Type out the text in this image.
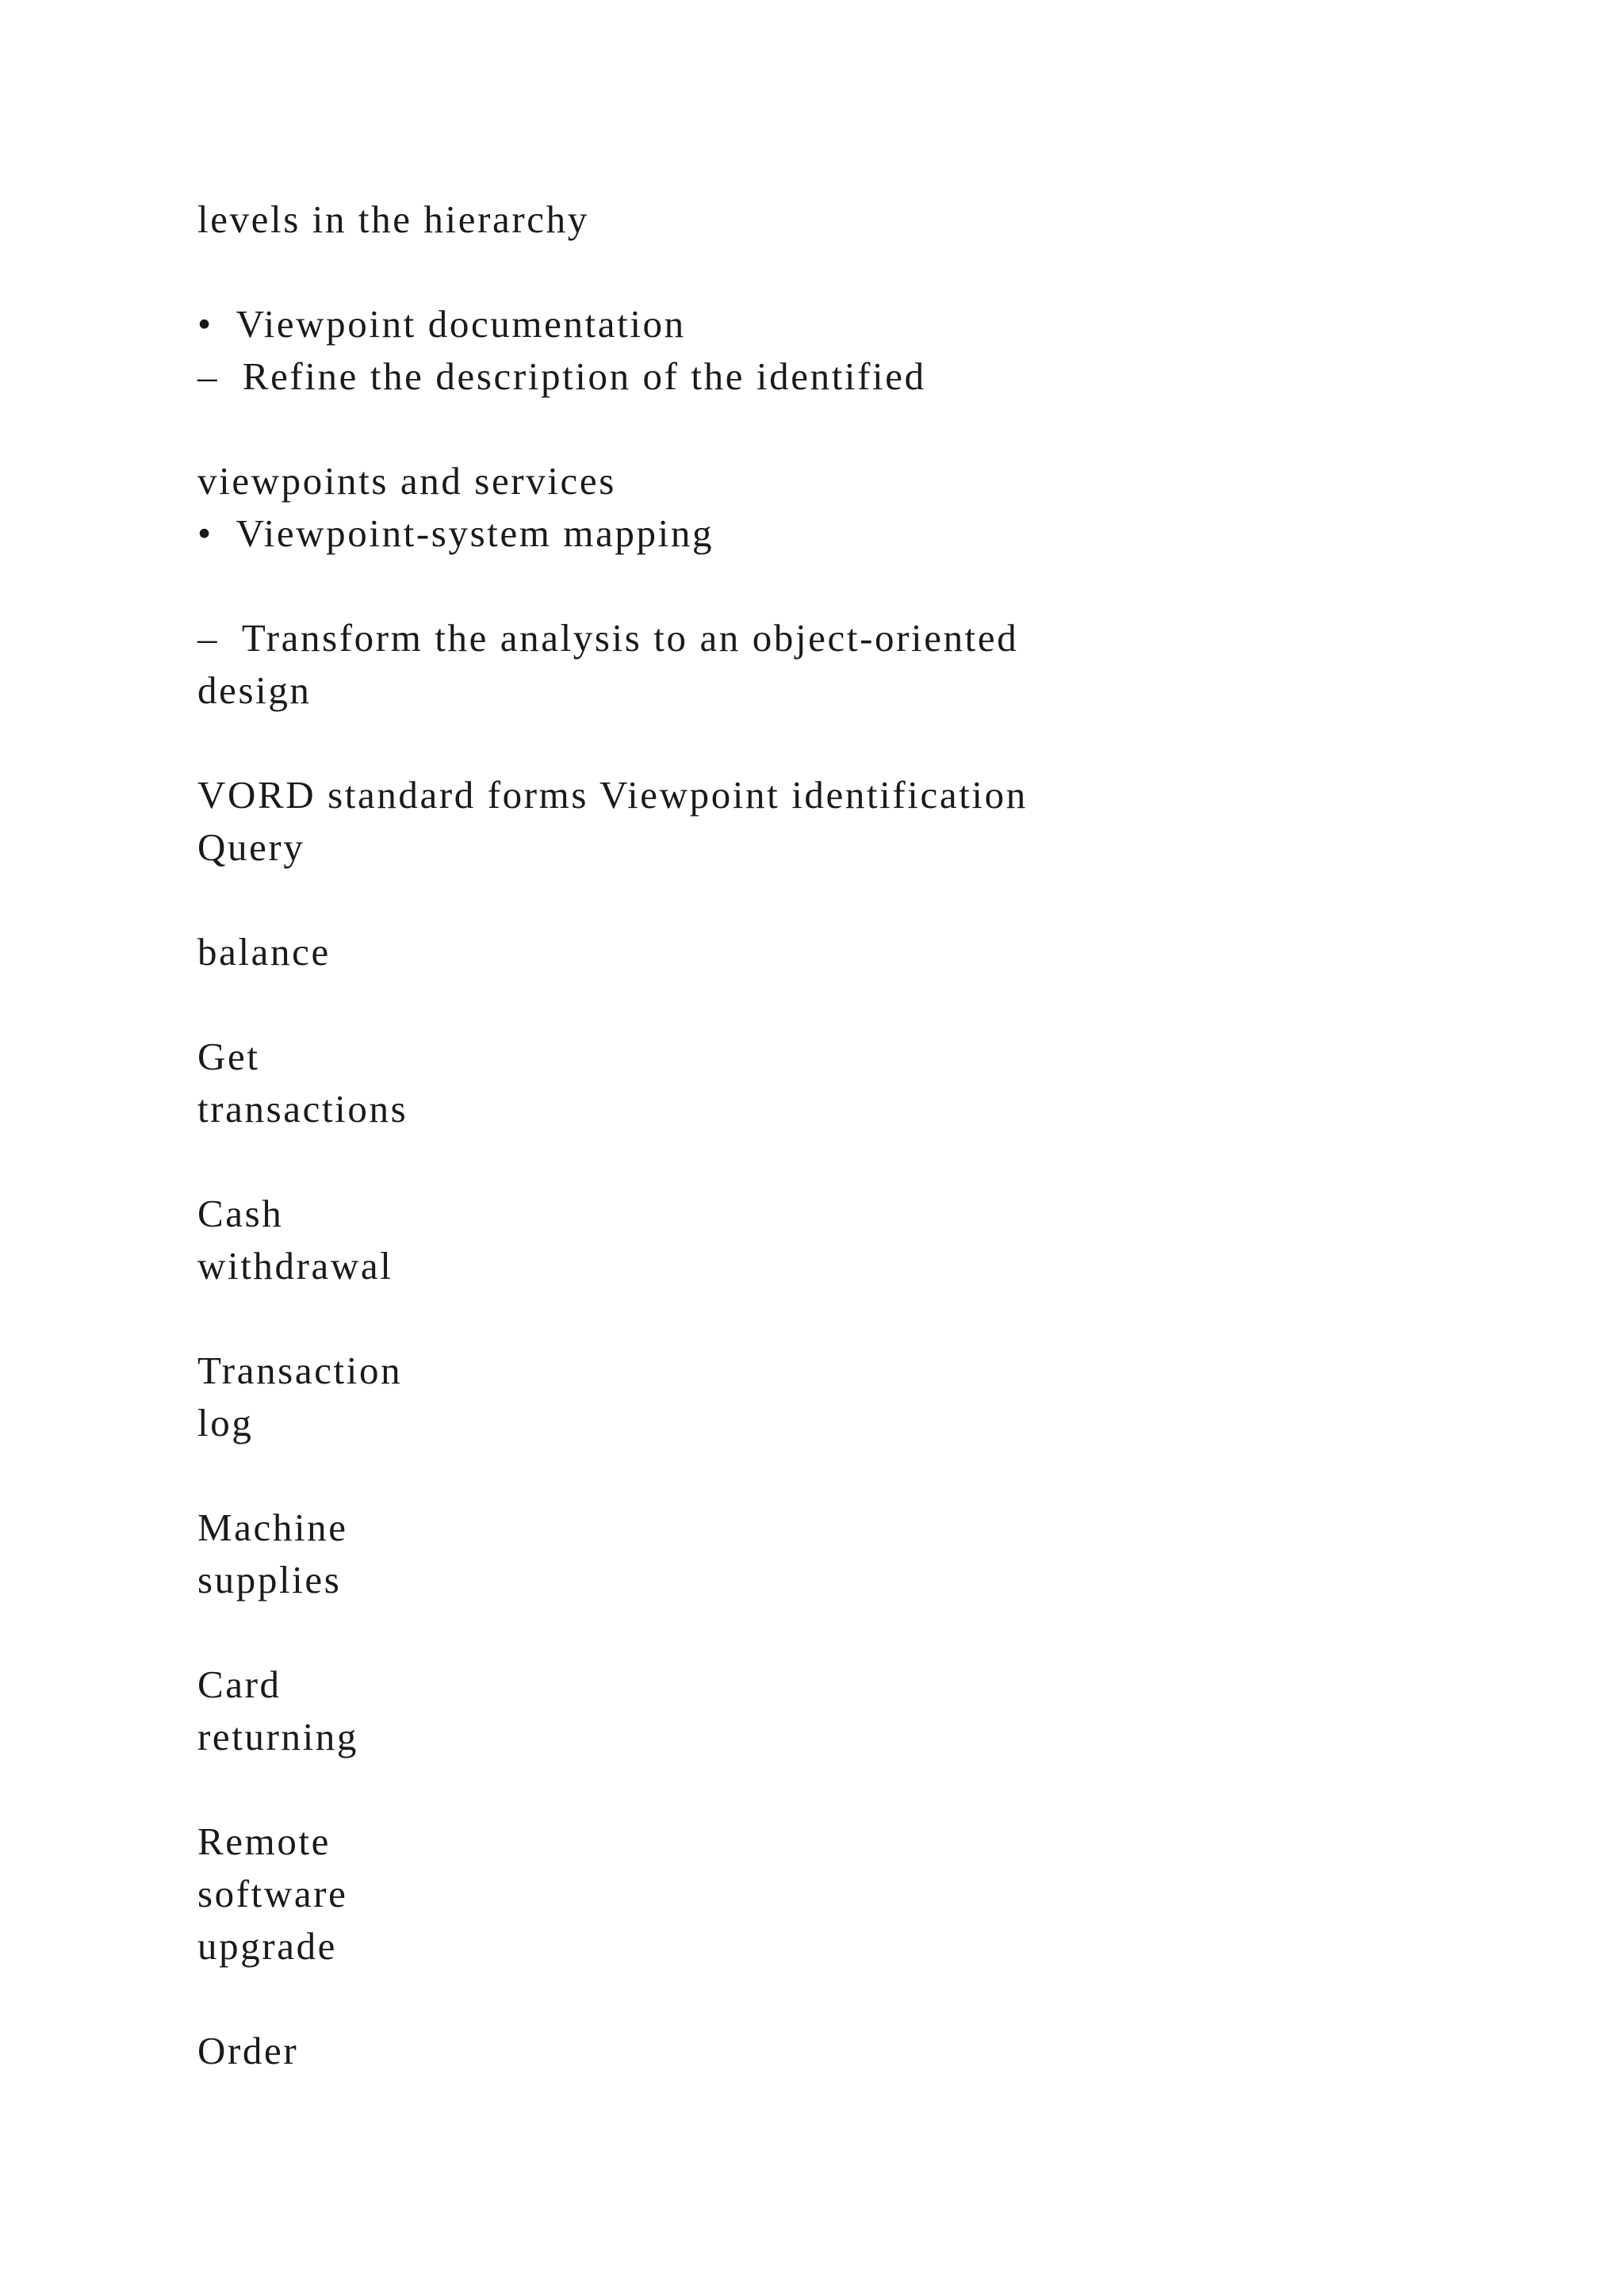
levels in the hierarchy
•  Viewpoint documentation
–  Refine the description of the identified
viewpoints and services
•  Viewpoint-system mapping
–  Transform the analysis to an object-oriented
design
VORD standard forms Viewpoint identification
Query
balance
Get
transactions
Cash
withdrawal
Transaction
log
Machine
supplies
Card
returning
Remote
software
upgrade
Order
